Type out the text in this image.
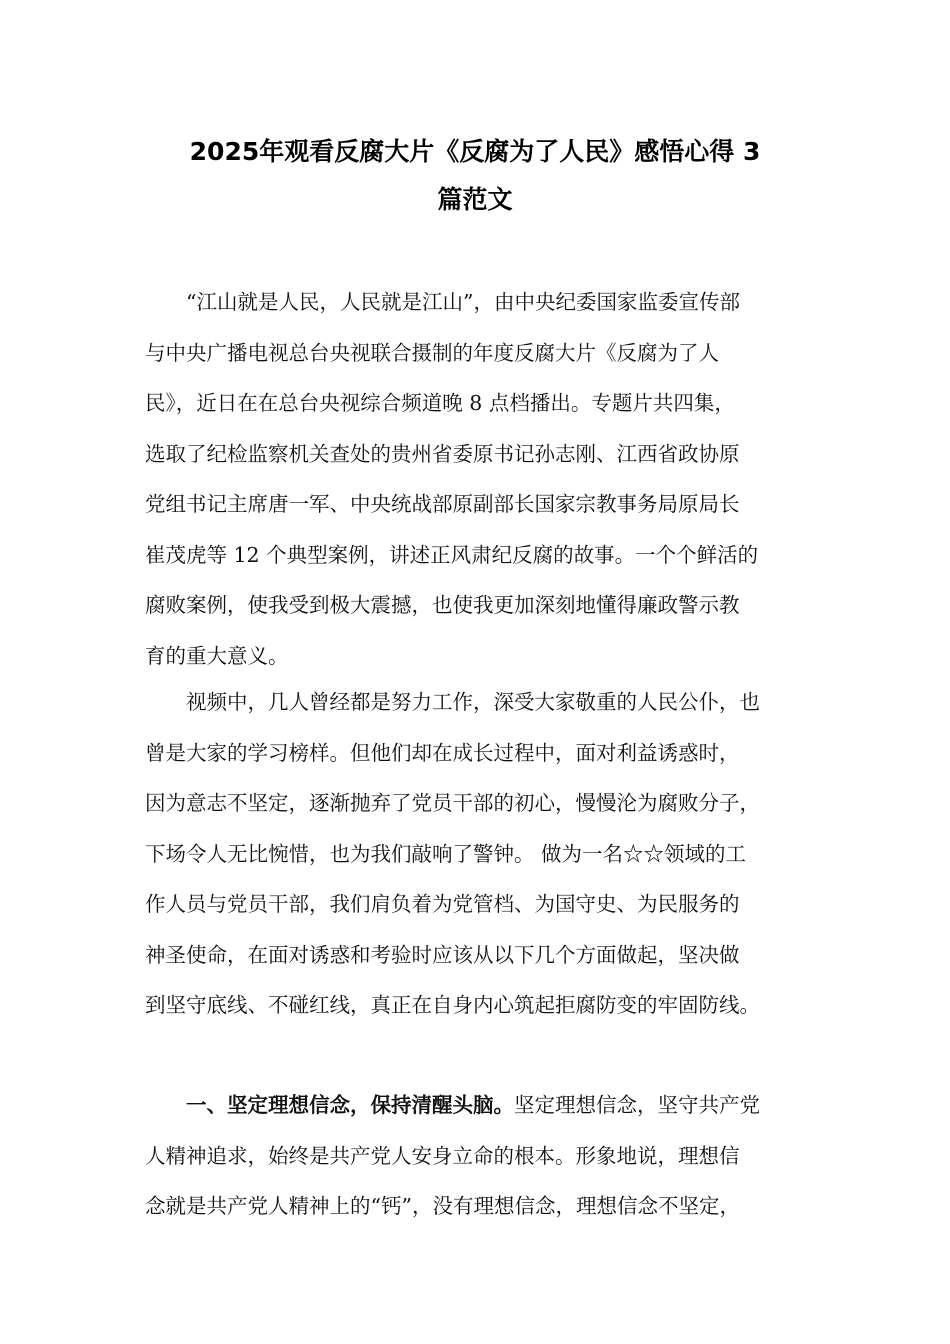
2025年观看反腐大片《反腐为了人民》感悟心得 3
篇范文
“江山就是人民，人民就是江山”，由中央纪委国家监委宣传部
与中央广播电视总台央视联合摄制的年度反腐大片《反腐为了人
民》，近日在在总台央视综合频道晚 8 点档播出。专题片共四集，
选取了纪检监察机关查处的贵州省委原书记孙志刚、江西省政协原
党组书记主席唐一军、中央统战部原副部长国家宗教事务局原局长
崔茂虎等 12 个典型案例，讲述正风肃纪反腐的故事。一个个鲜活的
腐败案例，使我受到极大震撼，也使我更加深刻地懂得廉政警示教
育的重大意义。
视频中，几人曾经都是努力工作，深受大家敬重的人民公仆，也
曾是大家的学习榜样。但他们却在成长过程中，面对利益诱惑时，
因为意志不坚定，逐渐抛弃了党员干部的初心，慢慢沦为腐败分子，
下场令人无比惋惜，也为我们敲响了警钟。 做为一名☆☆领域的工
作人员与党员干部，我们肩负着为党管档、为国守史、为民服务的
神圣使命，在面对诱惑和考验时应该从以下几个方面做起，坚决做
到坚守底线、不碰红线，真正在自身内心筑起拒腐防变的牢固防线。
一、坚定理想信念，保持清醒头脑。坚定理想信念，坚守共产党
人精神追求，始终是共产党人安身立命的根本。形象地说，理想信
念就是共产党人精神上的“钙”，没有理想信念，理想信念不坚定，
